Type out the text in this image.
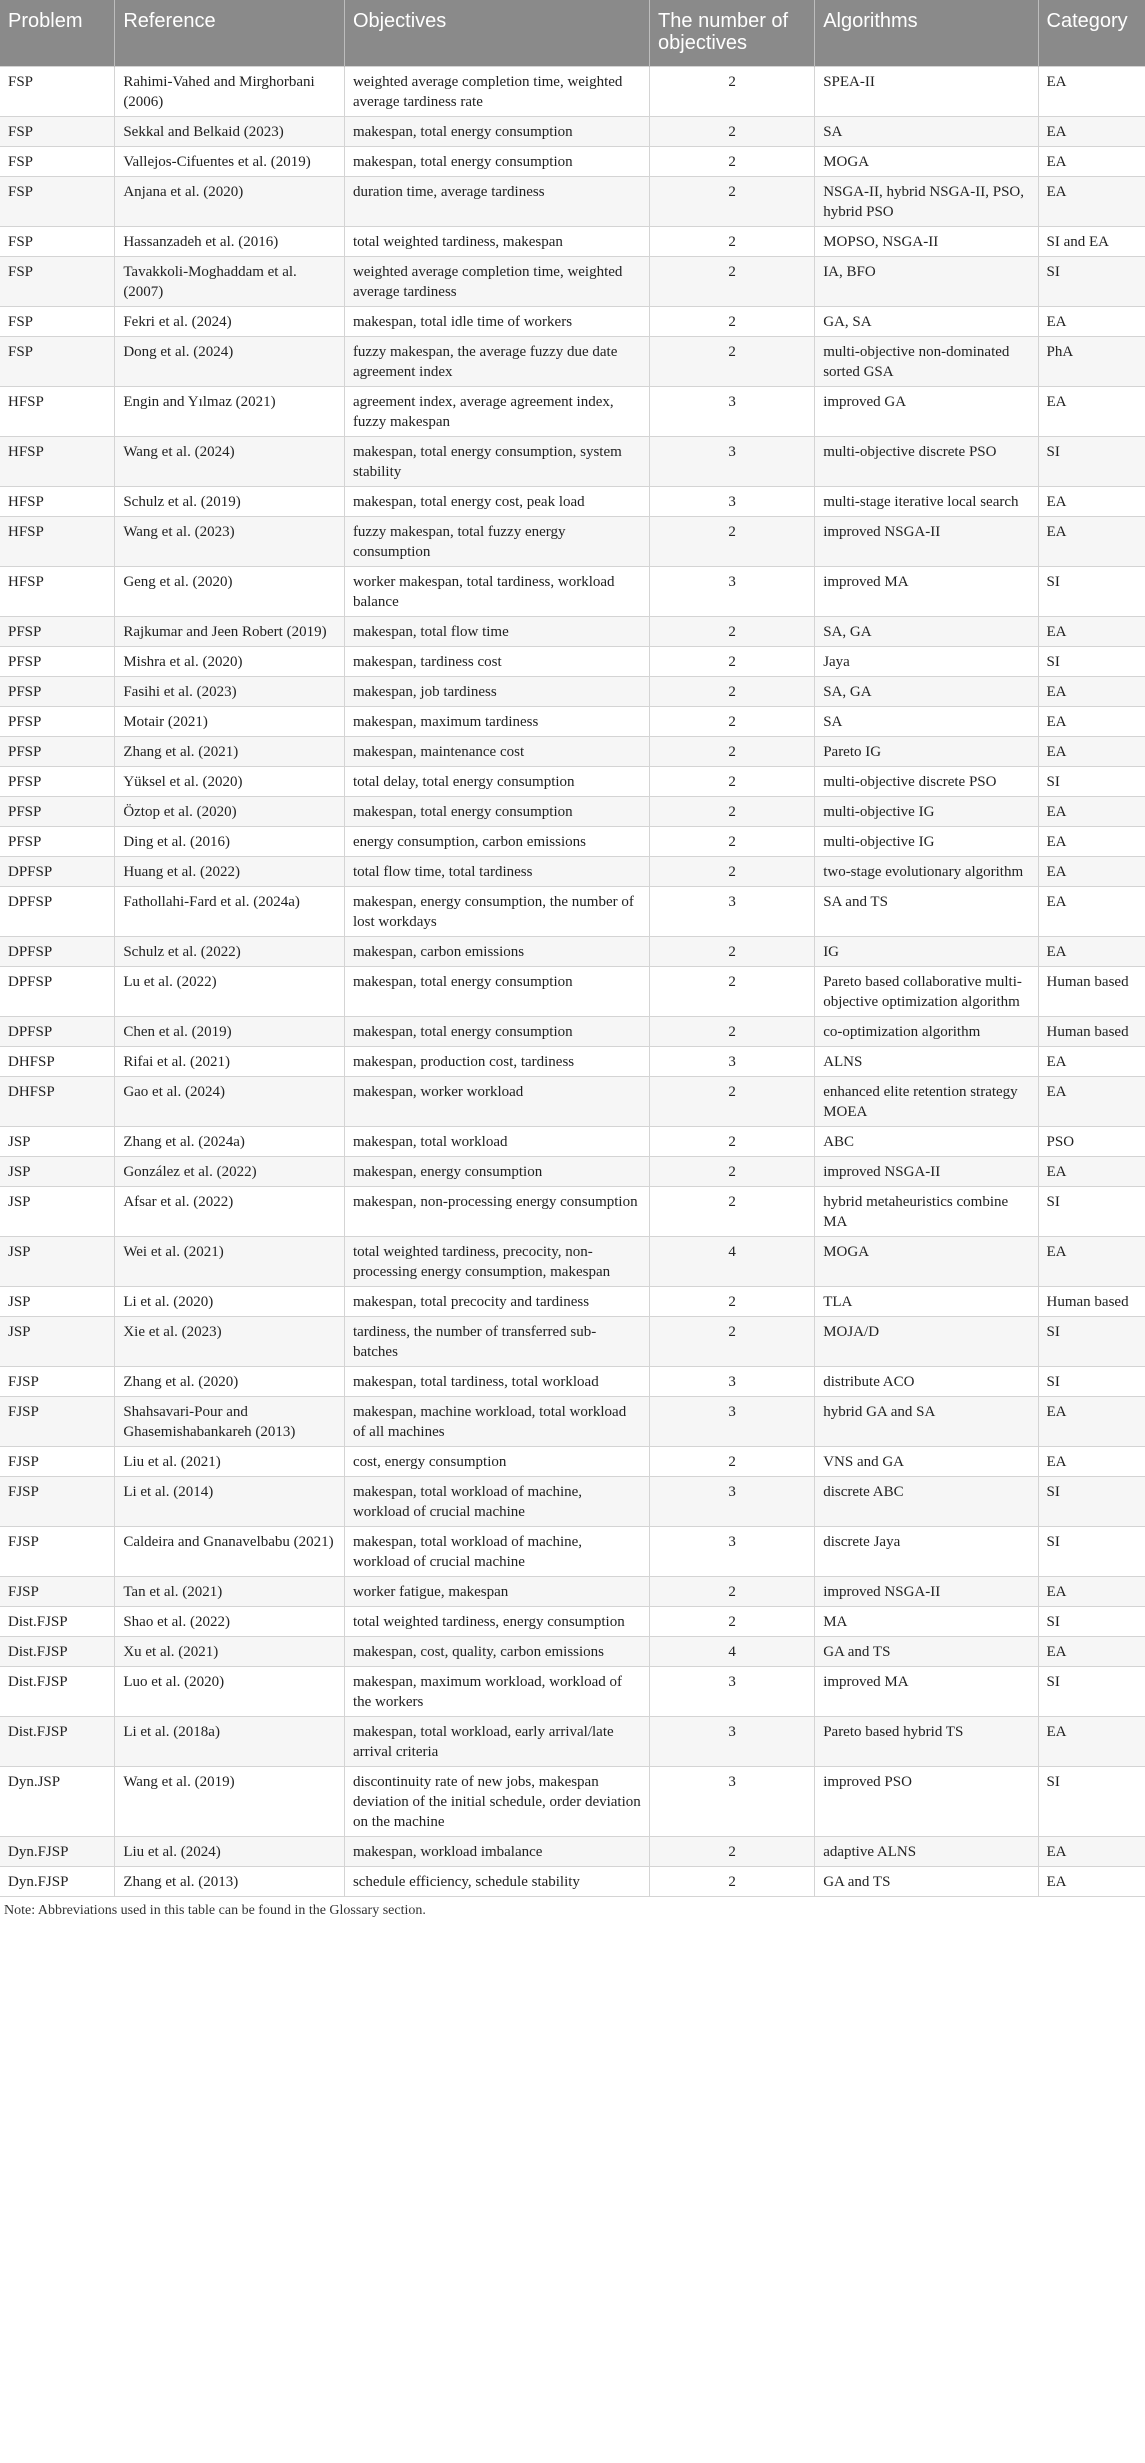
Problem	Reference	Objectives	The number of objectives	Algorithms	Category
FSP	Rahimi-Vahed and Mirghorbani (2006)	weighted average completion time, weighted average tardiness rate	2	SPEA-II	EA
FSP	Sekkal and Belkaid (2023)	makespan, total energy consumption	2	SA	EA
FSP	Vallejos-Cifuentes et al. (2019)	makespan, total energy consumption	2	MOGA	EA
FSP	Anjana et al. (2020)	duration time, average tardiness	2	NSGA-II, hybrid NSGA-II, PSO, hybrid PSO	EA
FSP	Hassanzadeh et al. (2016)	total weighted tardiness, makespan	2	MOPSO, NSGA-II	SI and EA
FSP	Tavakkoli-Moghaddam et al. (2007)	weighted average completion time, weighted average tardiness	2	IA, BFO	SI
FSP	Fekri et al. (2024)	makespan, total idle time of workers	2	GA, SA	EA
FSP	Dong et al. (2024)	fuzzy makespan, the average fuzzy due date agreement index	2	multi-objective non-dominated sorted GSA	PhA
HFSP	Engin and Yılmaz (2021)	agreement index, average agreement index, fuzzy makespan	3	improved GA	EA
HFSP	Wang et al. (2024)	makespan, total energy consumption, system stability	3	multi-objective discrete PSO	SI
HFSP	Schulz et al. (2019)	makespan, total energy cost, peak load	3	multi-stage iterative local search	EA
HFSP	Wang et al. (2023)	fuzzy makespan, total fuzzy energy consumption	2	improved NSGA-II	EA
HFSP	Geng et al. (2020)	worker makespan, total tardiness, workload balance	3	improved MA	SI
PFSP	Rajkumar and Jeen Robert (2019)	makespan, total flow time	2	SA, GA	EA
PFSP	Mishra et al. (2020)	makespan, tardiness cost	2	Jaya	SI
PFSP	Fasihi et al. (2023)	makespan, job tardiness	2	SA, GA	EA
PFSP	Motair (2021)	makespan, maximum tardiness	2	SA	EA
PFSP	Zhang et al. (2021)	makespan, maintenance cost	2	Pareto IG	EA
PFSP	Yüksel et al. (2020)	total delay, total energy consumption	2	multi-objective discrete PSO	SI
PFSP	Öztop et al. (2020)	makespan, total energy consumption	2	multi-objective IG	EA
PFSP	Ding et al. (2016)	energy consumption, carbon emissions	2	multi-objective IG	EA
DPFSP	Huang et al. (2022)	total flow time, total tardiness	2	two-stage evolutionary algorithm	EA
DPFSP	Fathollahi-Fard et al. (2024a)	makespan, energy consumption, the number of lost workdays	3	SA and TS	EA
DPFSP	Schulz et al. (2022)	makespan, carbon emissions	2	IG	EA
DPFSP	Lu et al. (2022)	makespan, total energy consumption	2	Pareto based collaborative multi-objective optimization algorithm	Human based
DPFSP	Chen et al. (2019)	makespan, total energy consumption	2	co-optimization algorithm	Human based
DHFSP	Rifai et al. (2021)	makespan, production cost, tardiness	3	ALNS	EA
DHFSP	Gao et al. (2024)	makespan, worker workload	2	enhanced elite retention strategy MOEA	EA
JSP	Zhang et al. (2024a)	makespan, total workload	2	ABC	PSO
JSP	González et al. (2022)	makespan, energy consumption	2	improved NSGA-II	EA
JSP	Afsar et al. (2022)	makespan, non-processing energy consumption	2	hybrid metaheuristics combine MA	SI
JSP	Wei et al. (2021)	total weighted tardiness, precocity, non-processing energy consumption, makespan	4	MOGA	EA
JSP	Li et al. (2020)	makespan, total precocity and tardiness	2	TLA	Human based
JSP	Xie et al. (2023)	tardiness, the number of transferred sub-batches	2	MOJA/D	SI
FJSP	Zhang et al. (2020)	makespan, total tardiness, total workload	3	distribute ACO	SI
FJSP	Shahsavari-Pour and Ghasemishabankareh (2013)	makespan, machine workload, total workload of all machines	3	hybrid GA and SA	EA
FJSP	Liu et al. (2021)	cost, energy consumption	2	VNS and GA	EA
FJSP	Li et al. (2014)	makespan, total workload of machine, workload of crucial machine	3	discrete ABC	SI
FJSP	Caldeira and Gnanavelbabu (2021)	makespan, total workload of machine, workload of crucial machine	3	discrete Jaya	SI
FJSP	Tan et al. (2021)	worker fatigue, makespan	2	improved NSGA-II	EA
Dist.FJSP	Shao et al. (2022)	total weighted tardiness, energy consumption	2	MA	SI
Dist.FJSP	Xu et al. (2021)	makespan, cost, quality, carbon emissions	4	GA and TS	EA
Dist.FJSP	Luo et al. (2020)	makespan, maximum workload, workload of the workers	3	improved MA	SI
Dist.FJSP	Li et al. (2018a)	makespan, total workload, early arrival/late arrival criteria	3	Pareto based hybrid TS	EA
Dyn.JSP	Wang et al. (2019)	discontinuity rate of new jobs, makespan deviation of the initial schedule, order deviation on the machine	3	improved PSO	SI
Dyn.FJSP	Liu et al. (2024)	makespan, workload imbalance	2	adaptive ALNS	EA
Dyn.FJSP	Zhang et al. (2013)	schedule efficiency, schedule stability	2	GA and TS	EA
Note: Abbreviations used in this table can be found in the Glossary section.
